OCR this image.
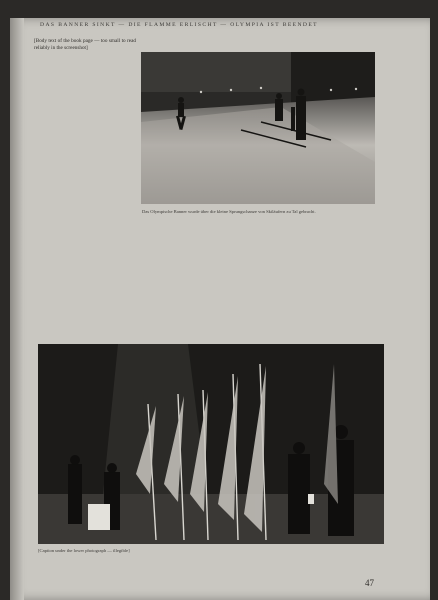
DAS BANNER SINKT — DIE FLAMME ERLISCHT — OLYMPIA IST BEENDET
[Body text of the book page — too small to read reliably in the screenshot]
Das Olympische Banner wurde über die kleine Sprungschanze von Skiläufern zu Tal gebracht.
[Caption under the lower photograph — illegible]
47
